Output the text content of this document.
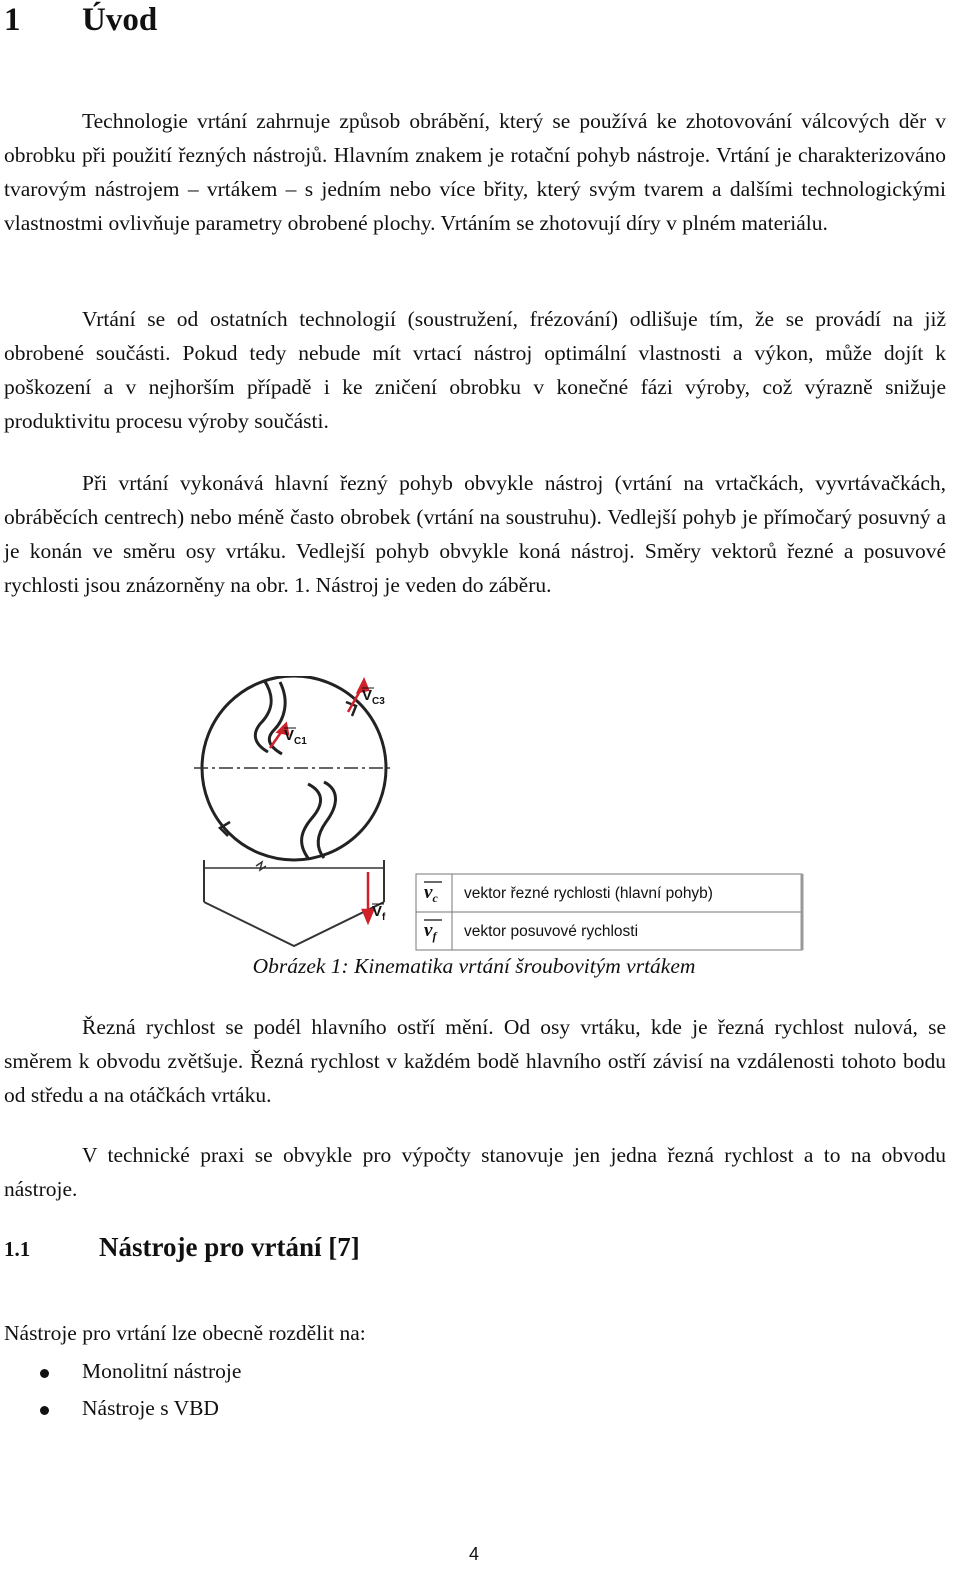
1	Úvod

Technologie vrtání zahrnuje způsob obrábění, který se používá ke zhotovování válcových děr v obrobku při použití řezných nástrojů. Hlavním znakem je rotační pohyb nástroje. Vrtání je charakterizováno tvarovým nástrojem – vrtákem – s jedním nebo více břity, který svým tvarem a dalšími technologickými vlastnostmi ovlivňuje parametry obrobené plochy. Vrtáním se zhotovují díry v plném materiálu.

Vrtání se od ostatních technologií (soustružení, frézování) odlišuje tím, že se provádí na již obrobené součásti. Pokud tedy nebude mít vrtací nástroj optimální vlastnosti a výkon, může dojít k poškození a v nejhorším případě i ke zničení obrobku v konečné fázi výroby, což výrazně snižuje produktivitu procesu výroby součásti.

Při vrtání vykonává hlavní řezný pohyb obvykle nástroj (vrtání na vrtačkách, vyvrtávačkách, obráběcích centrech) nebo méně často obrobek (vrtání na soustruhu). Vedlejší pohyb je přímočarý posuvný a je konán ve směru osy vrtáku. Vedlejší pohyb obvykle koná nástroj. Směry vektorů řezné a posuvové rychlosti jsou znázorněny na obr. 1. Nástroj je veden do záběru.

$V_{C3}$
$V_{C1}$
$V_f$
$v_c$
$v_f$
vektor řezné rychlosti (hlavní pohyb)
vektor posuvové rychlosti
Obrázek 1: Kinematika vrtání šroubovitým vrtákem

Řezná rychlost se podél hlavního ostří mění. Od osy vrtáku, kde je řezná rychlost nulová, se směrem k obvodu zvětšuje. Řezná rychlost v každém bodě hlavního ostří závisí na vzdálenosti tohoto bodu od středu a na otáčkách vrtáku.

V technické praxi se obvykle pro výpočty stanovuje jen jedna řezná rychlost a to na obvodu nástroje.

1.1	Nástroje pro vrtání [7]

Nástroje pro vrtání lze obecně rozdělit na:

Monolitní nástroje
Nástroje s VBD
4
